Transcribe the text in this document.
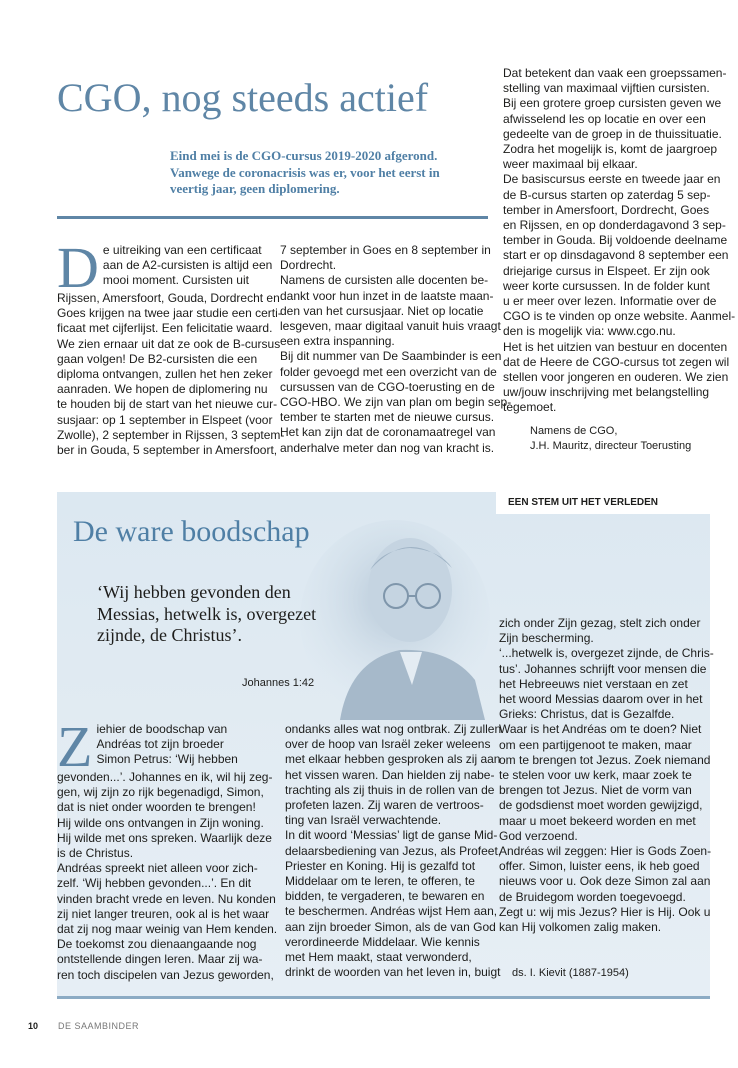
CGO, nog steeds actief
Eind mei is de CGO-cursus 2019-2020 afgerond.
Vanwege de coronacrisis was er, voor het eerst in
veertig jaar, geen diplomering.
D e uitreiking van een certificaat
aan de A2-cursisten is altijd een
mooi moment. Cursisten uit
Rijssen, Amersfoort, Gouda, Dordrecht en
Goes krijgen na twee jaar studie een certi-
ficaat met cijferlijst. Een felicitatie waard.
We zien ernaar uit dat ze ook de B-cursus
gaan volgen! De B2-cursisten die een
diploma ontvangen, zullen het hen zeker
aanraden. We hopen de diplomering nu
te houden bij de start van het nieuwe cur-
susjaar: op 1 september in Elspeet (voor
Zwolle), 2 september in Rijssen, 3 septem-
ber in Gouda, 5 september in Amersfoort,
7 september in Goes en 8 september in
Dordrecht.
Namens de cursisten alle docenten be-
dankt voor hun inzet in de laatste maan-
den van het cursusjaar. Niet op locatie
lesgeven, maar digitaal vanuit huis vraagt
een extra inspanning.
Bij dit nummer van De Saambinder is een
folder gevoegd met een overzicht van de
cursussen van de CGO-toerusting en de
CGO-HBO. We zijn van plan om begin sep-
tember te starten met de nieuwe cursus.
Het kan zijn dat de coronamaatregel van
anderhalve meter dan nog van kracht is.
Dat betekent dan vaak een groepssamen-
stelling van maximaal vijftien cursisten.
Bij een grotere groep cursisten geven we
afwisselend les op locatie en over een
gedeelte van de groep in de thuissituatie.
Zodra het mogelijk is, komt de jaargroep
weer maximaal bij elkaar.
De basiscursus eerste en tweede jaar en
de B-cursus starten op zaterdag 5 sep-
tember in Amersfoort, Dordrecht, Goes
en Rijssen, en op donderdagavond 3 sep-
tember in Gouda. Bij voldoende deelname
start er op dinsdagavond 8 september een
driejarige cursus in Elspeet. Er zijn ook
weer korte cursussen. In de folder kunt
u er meer over lezen. Informatie over de
CGO is te vinden op onze website. Aanmel-
den is mogelijk via: www.cgo.nu.
Het is het uitzien van bestuur en docenten
dat de Heere de CGO-cursus tot zegen wil
stellen voor jongeren en ouderen. We zien
uw/jouw inschrijving met belangstelling
tegemoet.
Namens de CGO,
J.H. Mauritz, directeur Toerusting
EEN STEM UIT HET VERLEDEN
De ware boodschap
‘Wij hebben gevonden den
Messias, hetwelk is, overgezet
zijnde, de Christus’.
Johannes 1:42
Z iehier de boodschap van
Andréas tot zijn broeder
Simon Petrus: ‘Wij hebben
gevonden...’. Johannes en ik, wil hij zeg-
gen, wij zijn zo rijk begenadigd, Simon,
dat is niet onder woorden te brengen!
Hij wilde ons ontvangen in Zijn woning.
Hij wilde met ons spreken. Waarlijk deze
is de Christus.
Andréas spreekt niet alleen voor zich-
zelf. ‘Wij hebben gevonden...’. En dit
vinden bracht vrede en leven. Nu konden
zij niet langer treuren, ook al is het waar
dat zij nog maar weinig van Hem kenden.
De toekomst zou dienaangaande nog
ontstellende dingen leren. Maar zij wa-
ren toch discipelen van Jezus geworden,
ondanks alles wat nog ontbrak. Zij zullen
over de hoop van Israël zeker weleens
met elkaar hebben gesproken als zij aan
het vissen waren. Dan hielden zij nabe-
trachting als zij thuis in de rollen van de
profeten lazen. Zij waren de vertroos-
ting van Israël verwachtende.
In dit woord ‘Messias’ ligt de ganse Mid-
delaarsbediening van Jezus, als Profeet,
Priester en Koning. Hij is gezalfd tot
Middelaar om te leren, te offeren, te
bidden, te vergaderen, te bewaren en
te beschermen. Andréas wijst Hem aan,
aan zijn broeder Simon, als de van God
verordineerde Middelaar. Wie kennis
met Hem maakt, staat verwonderd,
drinkt de woorden van het leven in, buigt
zich onder Zijn gezag, stelt zich onder
Zijn bescherming.
‘...hetwelk is, overgezet zijnde, de Chris-
tus’. Johannes schrijft voor mensen die
het Hebreeuws niet verstaan en zet
het woord Messias daarom over in het
Grieks: Christus, dat is Gezalfde.
Waar is het Andréas om te doen? Niet
om een partijgenoot te maken, maar
om te brengen tot Jezus. Zoek niemand
te stelen voor uw kerk, maar zoek te
brengen tot Jezus. Niet de vorm van
de godsdienst moet worden gewijzigd,
maar u moet bekeerd worden en met
God verzoend.
Andréas wil zeggen: Hier is Gods Zoen-
offer. Simon, luister eens, ik heb goed
nieuws voor u. Ook deze Simon zal aan
de Bruidegom worden toegevoegd.
Zegt u: wij mis Jezus? Hier is Hij. Ook u
kan Hij volkomen zalig maken.
ds. I. Kievit (1887-1954)
10 DE SAAMBINDER
